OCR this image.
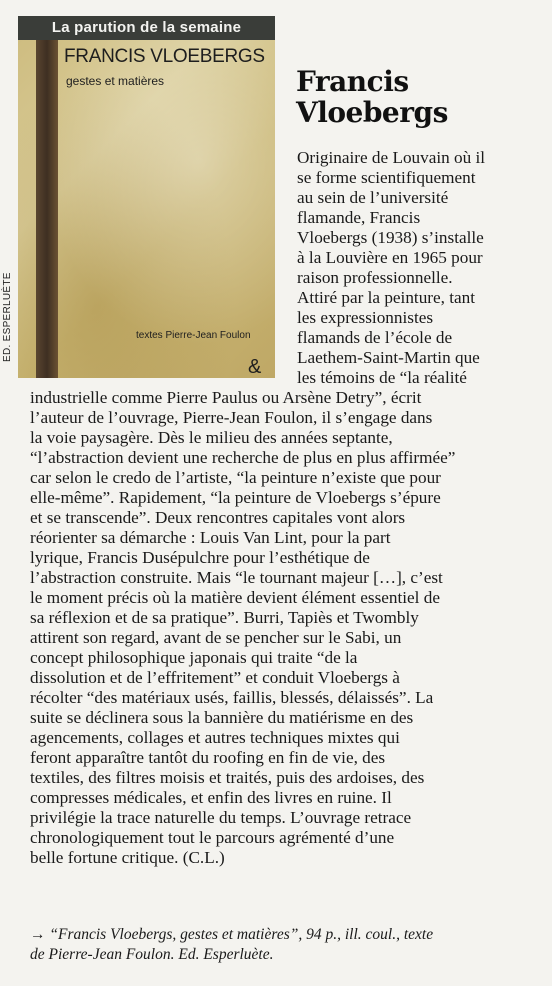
ED. ESPERLUÈTE
La parution de la semaine
FRANCIS VLOEBERGS
gestes et matières
textes Pierre-Jean Foulon
&
Francis
Vloebergs
Originaire de Louvain où il
se forme scientifiquement
au sein de l’université
flamande, Francis
Vloebergs (1938) s’installe
à la Louvière en 1965 pour
raison professionnelle.
Attiré par la peinture, tant
les expressionnistes
flamands de l’école de
Laethem-Saint-Martin que
les témoins de “la réalité
industrielle comme Pierre Paulus ou Arsène Detry”, écrit
l’auteur de l’ouvrage, Pierre-Jean Foulon, il s’engage dans
la voie paysagère. Dès le milieu des années septante,
“l’abstraction devient une recherche de plus en plus affirmée”
car selon le credo de l’artiste, “la peinture n’existe que pour
elle-même”. Rapidement, “la peinture de Vloebergs s’épure
et se transcende”. Deux rencontres capitales vont alors
réorienter sa démarche : Louis Van Lint, pour la part
lyrique, Francis Dusépulchre pour l’esthétique de
l’abstraction construite. Mais “le tournant majeur […], c’est
le moment précis où la matière devient élément essentiel de
sa réflexion et de sa pratique”. Burri, Tapiès et Twombly
attirent son regard, avant de se pencher sur le Sabi, un
concept philosophique japonais qui traite “de la
dissolution et de l’effritement” et conduit Vloebergs à
récolter “des matériaux usés, faillis, blessés, délaissés”. La
suite se déclinera sous la bannière du matiérisme en des
agencements, collages et autres techniques mixtes qui
feront apparaître tantôt du roofing en fin de vie, des
textiles, des filtres moisis et traités, puis des ardoises, des
compresses médicales, et enfin des livres en ruine. Il
privilégie la trace naturelle du temps. L’ouvrage retrace
chronologiquement tout le parcours agrémenté d’une
belle fortune critique. (C.L.)
→ “Francis Vloebergs, gestes et matières”, 94 p., ill. coul., texte
de Pierre-Jean Foulon. Ed. Esperluète.
